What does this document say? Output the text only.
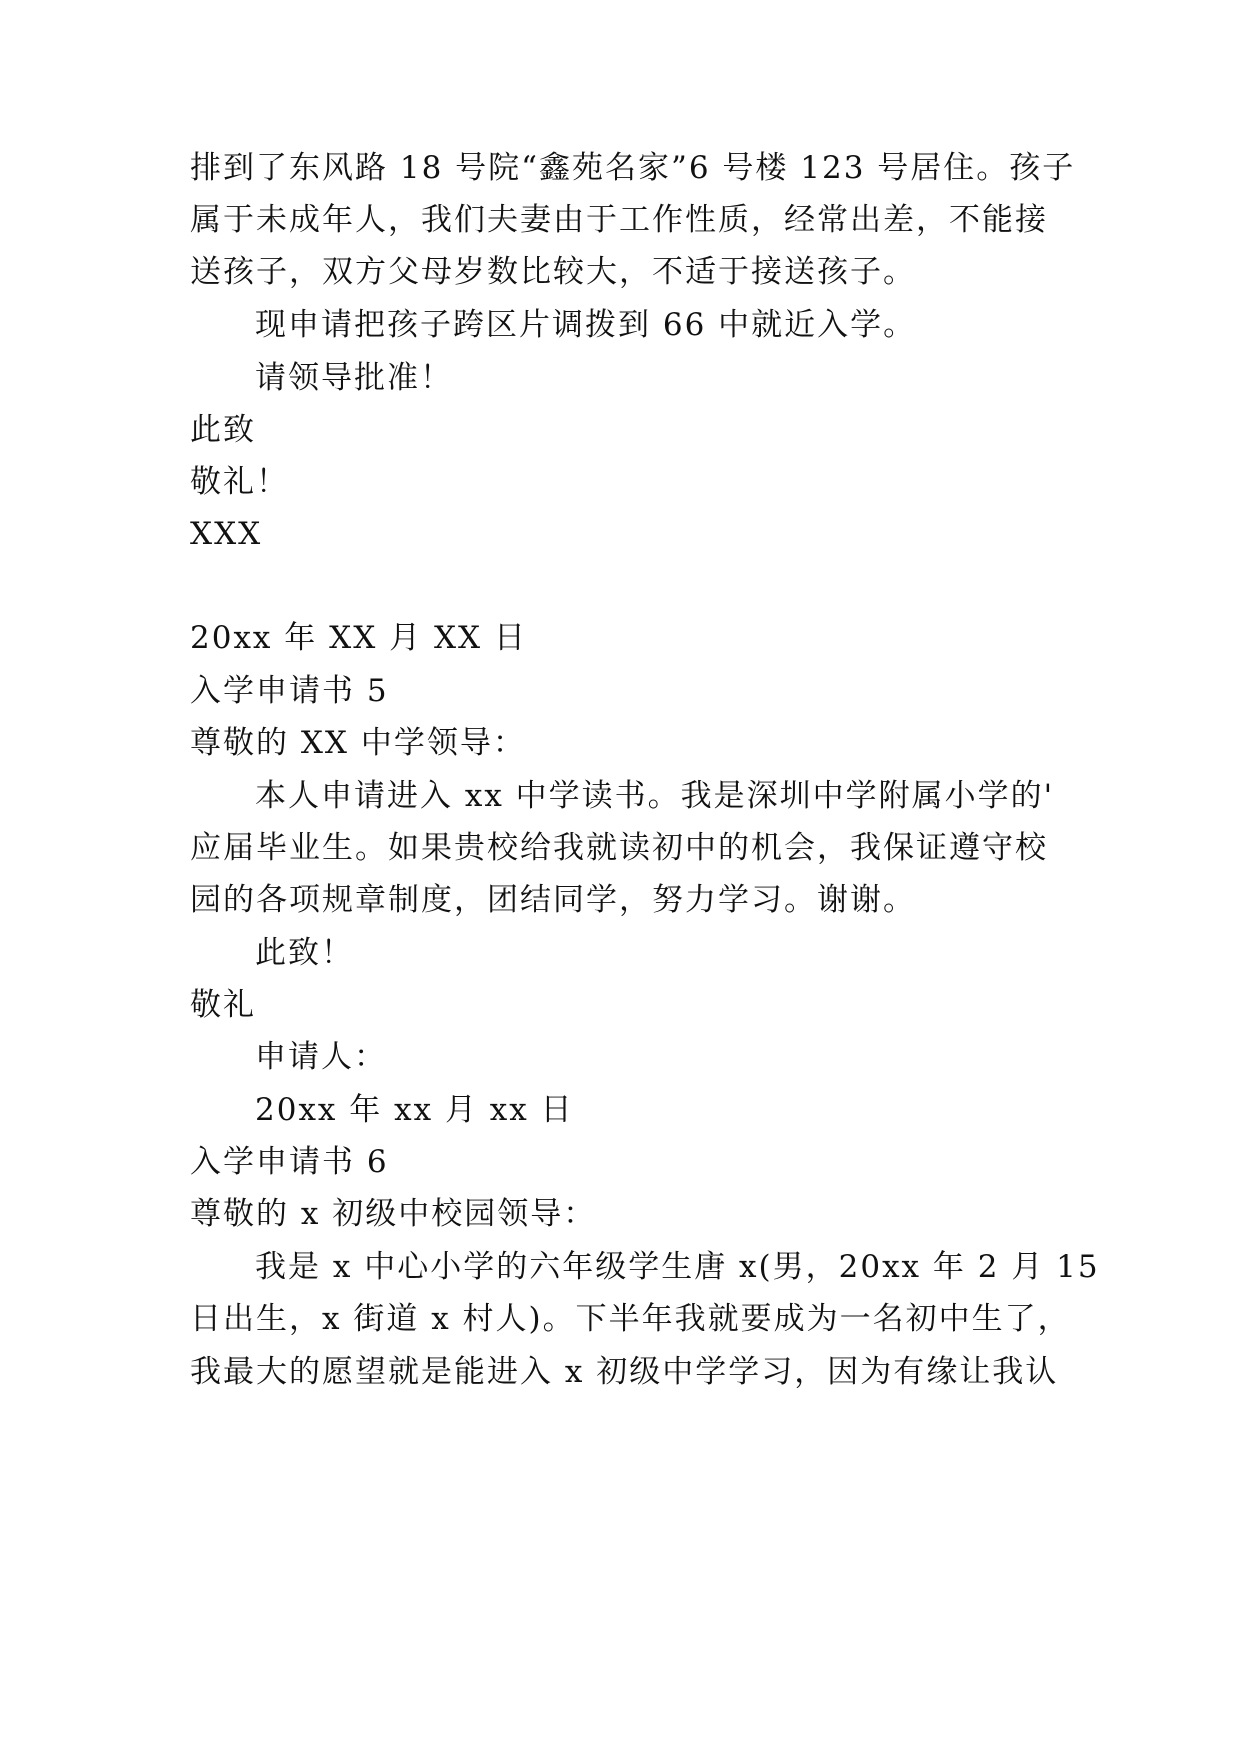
排到了东风路 18 号院“鑫苑名家”6 号楼 123 号居住。孩子
属于未成年人，我们夫妻由于工作性质，经常出差，不能接
送孩子，双方父母岁数比较大，不适于接送孩子。
现申请把孩子跨区片调拨到 66 中就近入学。
请领导批准！
此致
敬礼！
XXX
20xx 年 XX 月 XX 日
入学申请书 5
尊敬的 XX 中学领导：
本人申请进入 xx 中学读书。我是深圳中学附属小学的'
应届毕业生。如果贵校给我就读初中的机会，我保证遵守校
园的各项规章制度，团结同学，努力学习。谢谢。
此致！
敬礼
申请人：
20xx 年 xx 月 xx 日
入学申请书 6
尊敬的 x 初级中校园领导：
我是 x 中心小学的六年级学生唐 x(男，20xx 年 2 月 15
日出生，x 街道 x 村人)。下半年我就要成为一名初中生了，
我最大的愿望就是能进入 x 初级中学学习，因为有缘让我认
